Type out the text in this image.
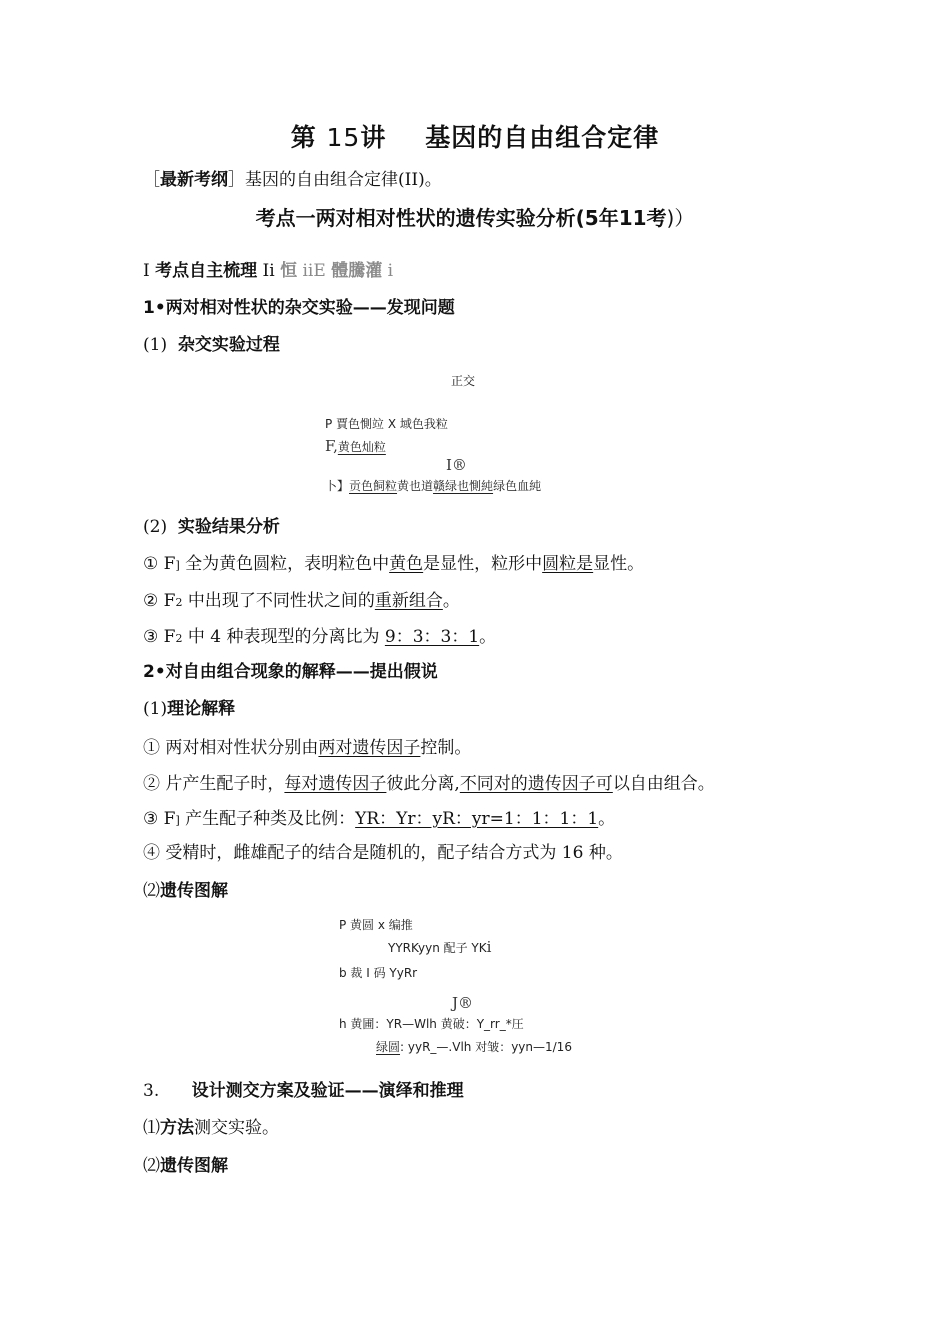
第 15讲 基因的自由组合定律
［最新考纲］基因的自由组合定律(II)。
考点一两对相对性状的遗传实验分析(5年11考)）
I 考点自主梳理 Ii 恒 iiE 體騰灌 i
1•两对相对性状的杂交实验——发现问题
(1) 杂交实验过程
正交
P 賈色惻竝 X 域色我粒
F,黄色灿粒
I®
卜】贡色飼粒黄也道赣绿也惻純绿色血純
(2) 实验结果分析
① F] 全为黄色圆粒，表明粒色中黄色是显性，粒形中圆粒是显性。
② F2 中出现了不同性状之间的重新组合。
③ F2 中 4 种表现型的分离比为 9：3：3：1。
2•对自由组合现象的解释——提出假说
(1)理论解释
① 两对相对性状分别由两对遗传因子控制。
② 片产生配子时，每对遗传因子彼此分离,不同对的遗传因子可以自由组合。
③ F] 产生配子种类及比例：YR：Yr：yR：yr=1：1：1：1。
④ 受精时，雌雄配子的结合是随机的，配子结合方式为 16 种。
⑵遗传图解
P 黄圆 x 编推
YYRKyyn 配子 YKi
b 裁 I 码 YyRr
J®
h 黄圃：YR—Wlh 黄破：Y_rr_*圧
绿圆: yyR_—.Vlh 对皱：yyn—1/16
3. 设计测交方案及验证——演绎和推理
⑴方法测交实验。
⑵遗传图解
